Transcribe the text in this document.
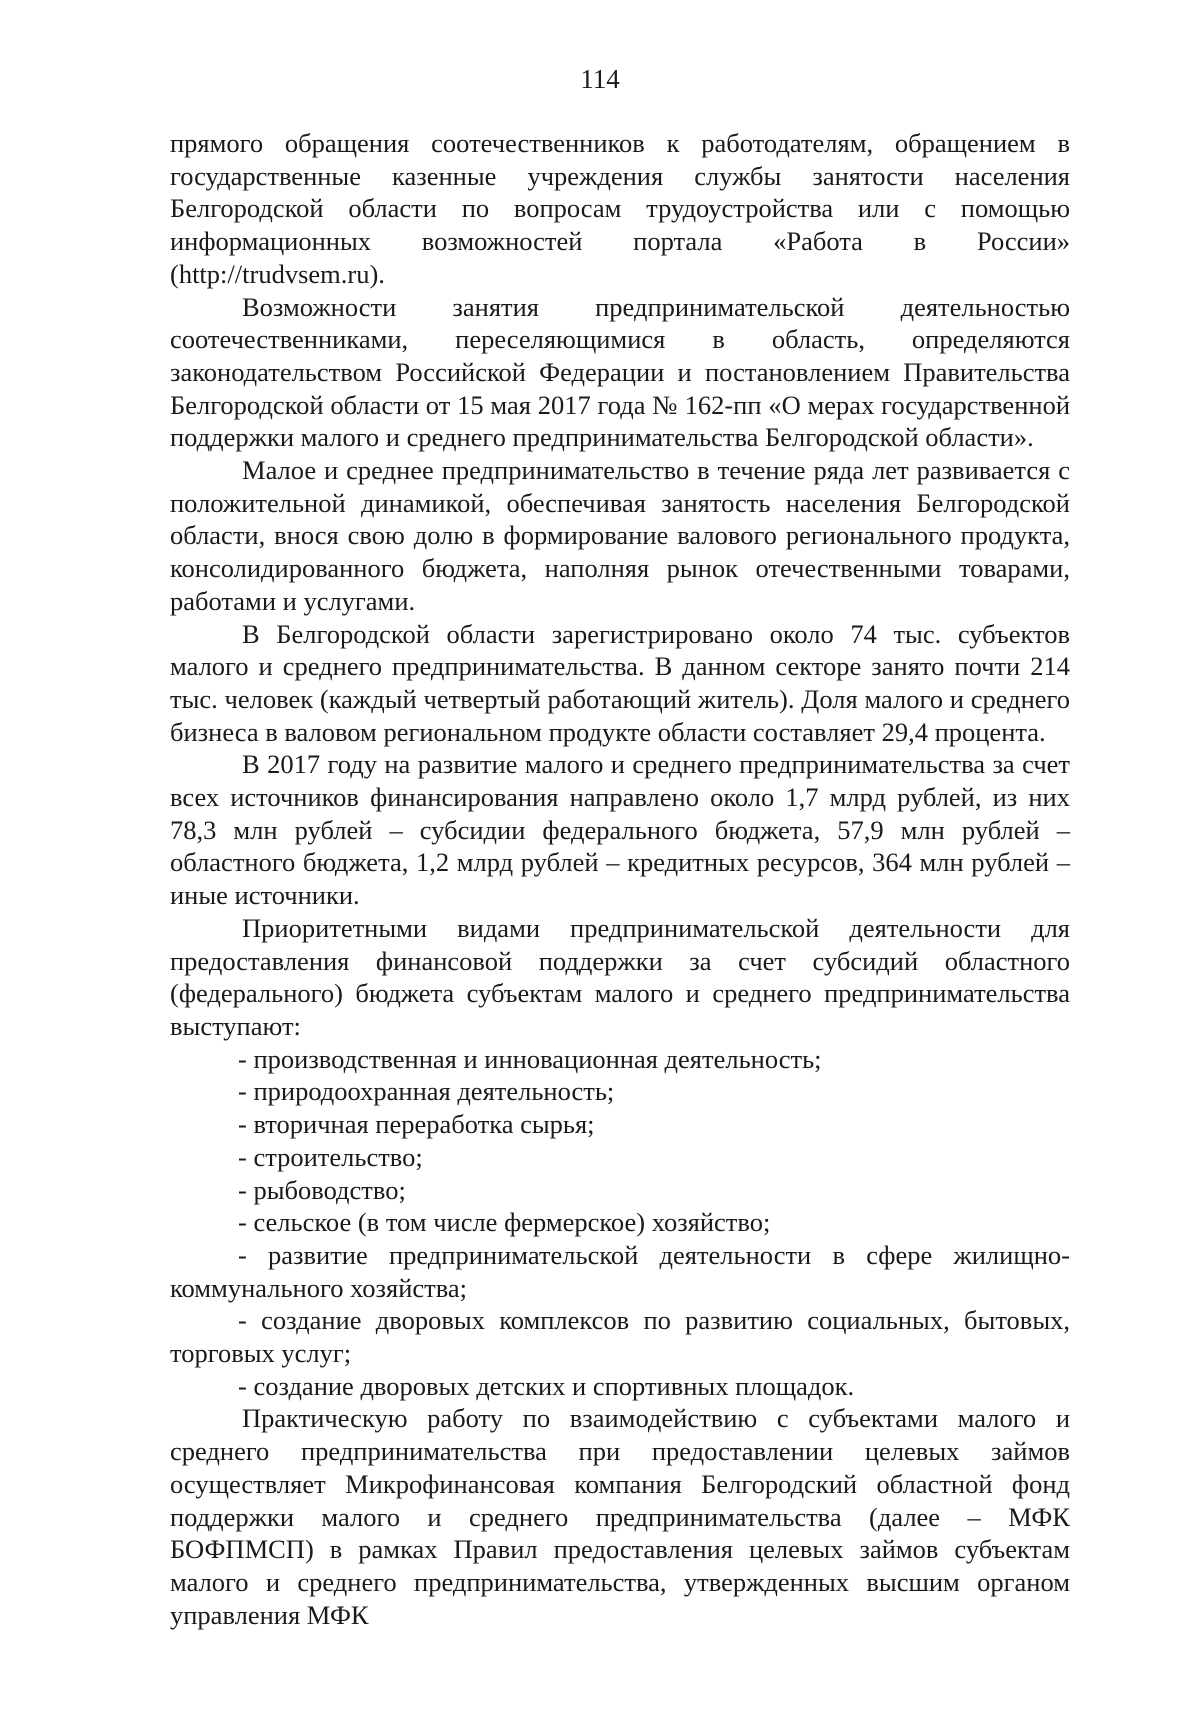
114

прямого обращения соотечественников к работодателям, обращением в государственные казенные учреждения службы занятости населения Белгородской области по вопросам трудоустройства или с помощью информационных возможностей портала «Работа в России» (http://trudvsem.ru).

Возможности занятия предпринимательской деятельностью соотечественниками, переселяющимися в область, определяются законодательством Российской Федерации и постановлением Правительства Белгородской области от 15 мая 2017 года № 162-пп «О мерах государственной поддержки малого и среднего предпринимательства Белгородской области».

Малое и среднее предпринимательство в течение ряда лет развивается с положительной динамикой, обеспечивая занятость населения Белгородской области, внося свою долю в формирование валового регионального продукта, консолидированного бюджета, наполняя рынок отечественными товарами, работами и услугами.

В Белгородской области зарегистрировано около 74 тыс. субъектов малого и среднего предпринимательства. В данном секторе занято почти 214 тыс. человек (каждый четвертый работающий житель). Доля малого и среднего бизнеса в валовом региональном продукте области составляет 29,4 процента.

В 2017 году на развитие малого и среднего предпринимательства за счет всех источников финансирования направлено около 1,7 млрд рублей, из них 78,3 млн рублей – субсидии федерального бюджета, 57,9 млн рублей – областного бюджета, 1,2 млрд рублей – кредитных ресурсов, 364 млн рублей – иные источники.

Приоритетными видами предпринимательской деятельности для предоставления финансовой поддержки за счет субсидий областного (федерального) бюджета субъектам малого и среднего предпринимательства выступают:

- производственная и инновационная деятельность;

- природоохранная деятельность;

- вторичная переработка сырья;

- строительство;

- рыбоводство;

- сельское (в том числе фермерское) хозяйство;

- развитие предпринимательской деятельности в сфере жилищно-коммунального хозяйства;

- создание дворовых комплексов по развитию социальных, бытовых, торговых услуг;

- создание дворовых детских и спортивных площадок.

Практическую работу по взаимодействию с субъектами малого и среднего предпринимательства при предоставлении целевых займов осуществляет Микрофинансовая компания Белгородский областной фонд поддержки малого и среднего предпринимательства (далее – МФК БОФПМСП) в рамках Правил предоставления целевых займов субъектам малого и среднего предпринимательства, утвержденных высшим органом управления МФК
